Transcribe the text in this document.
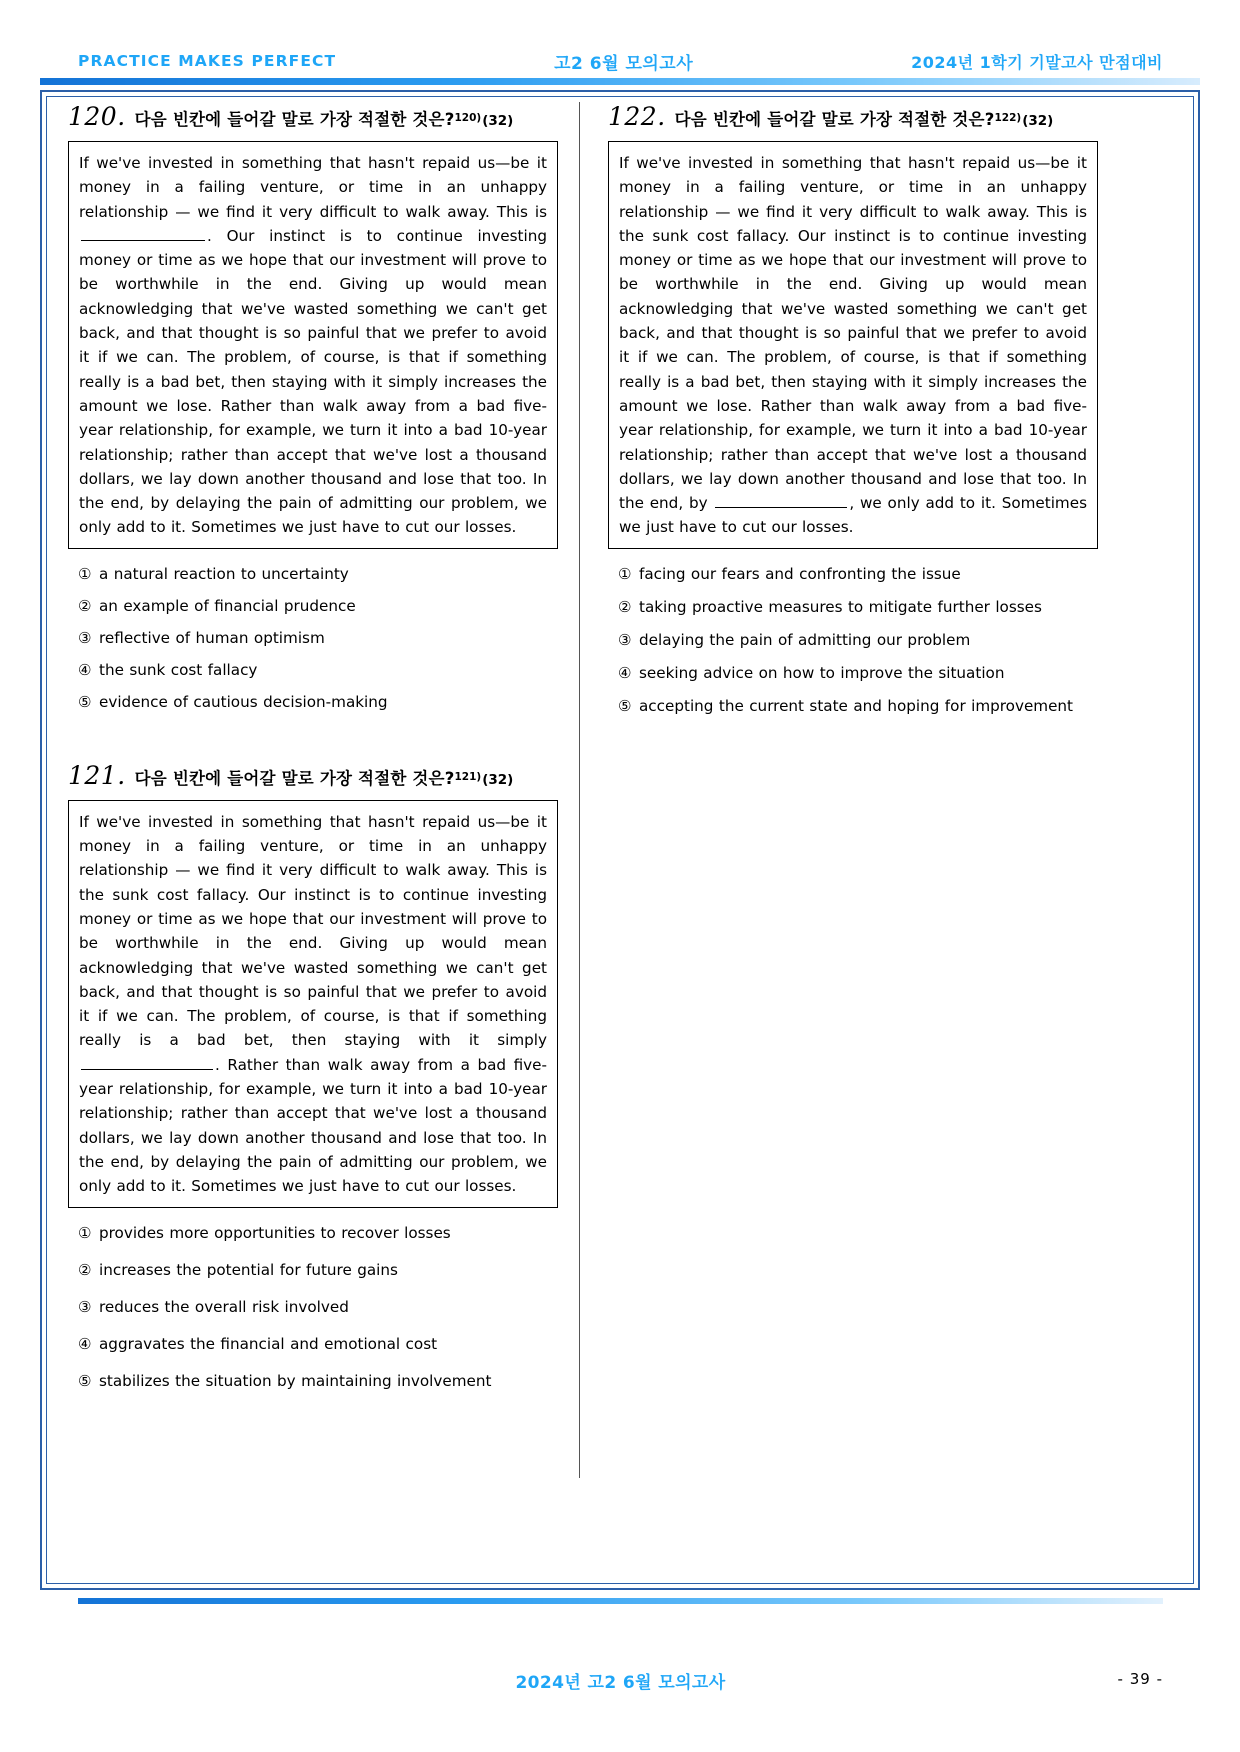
PRACTICE MAKES PERFECT	고2 6월 모의고사	2024년 1학기 기말고사 만점대비
120. 다음 빈칸에 들어갈 말로 가장 적절한 것은? 120) (32)

If we've invested in something that hasn't repaid us—be it money in a failing venture, or time in an unhappy relationship — we find it very difficult to walk away. This is . Our instinct is to continue investing money or time as we hope that our investment will prove to be worthwhile in the end. Giving up would mean acknowledging that we've wasted something we can't get back, and that thought is so painful that we prefer to avoid it if we can. The problem, of course, is that if something really is a bad bet, then staying with it simply increases the amount we lose. Rather than walk away from a bad five-year relationship, for example, we turn it into a bad 10-year relationship; rather than accept that we've lost a thousand dollars, we lay down another thousand and lose that too. In the end, by delaying the pain of admitting our problem, we only add to it. Sometimes we just have to cut our losses.

① a natural reaction to uncertainty
② an example of financial prudence
③ reflective of human optimism
④ the sunk cost fallacy
⑤ evidence of cautious decision-making
121. 다음 빈칸에 들어갈 말로 가장 적절한 것은? 121) (32)

If we've invested in something that hasn't repaid us—be it money in a failing venture, or time in an unhappy relationship — we find it very difficult to walk away. This is the sunk cost fallacy. Our instinct is to continue investing money or time as we hope that our investment will prove to be worthwhile in the end. Giving up would mean acknowledging that we've wasted something we can't get back, and that thought is so painful that we prefer to avoid it if we can. The problem, of course, is that if something really is a bad bet, then staying with it simply . Rather than walk away from a bad five-year relationship, for example, we turn it into a bad 10-year relationship; rather than accept that we've lost a thousand dollars, we lay down another thousand and lose that too. In the end, by delaying the pain of admitting our problem, we only add to it. Sometimes we just have to cut our losses.

① provides more opportunities to recover losses
② increases the potential for future gains
③ reduces the overall risk involved
④ aggravates the financial and emotional cost
⑤ stabilizes the situation by maintaining involvement
122. 다음 빈칸에 들어갈 말로 가장 적절한 것은? 122) (32)

If we've invested in something that hasn't repaid us—be it money in a failing venture, or time in an unhappy relationship — we find it very difficult to walk away. This is the sunk cost fallacy. Our instinct is to continue investing money or time as we hope that our investment will prove to be worthwhile in the end. Giving up would mean acknowledging that we've wasted something we can't get back, and that thought is so painful that we prefer to avoid it if we can. The problem, of course, is that if something really is a bad bet, then staying with it simply increases the amount we lose. Rather than walk away from a bad five-year relationship, for example, we turn it into a bad 10-year relationship; rather than accept that we've lost a thousand dollars, we lay down another thousand and lose that too. In the end, by	, we only add to it. Sometimes we just have to cut our losses.

① facing our fears and confronting the issue
② taking proactive measures to mitigate further losses
③ delaying the pain of admitting our problem
④ seeking advice on how to improve the situation
⑤ accepting the current state and hoping for improvement
2024년 고2 6월 모의고사	- 39 -
